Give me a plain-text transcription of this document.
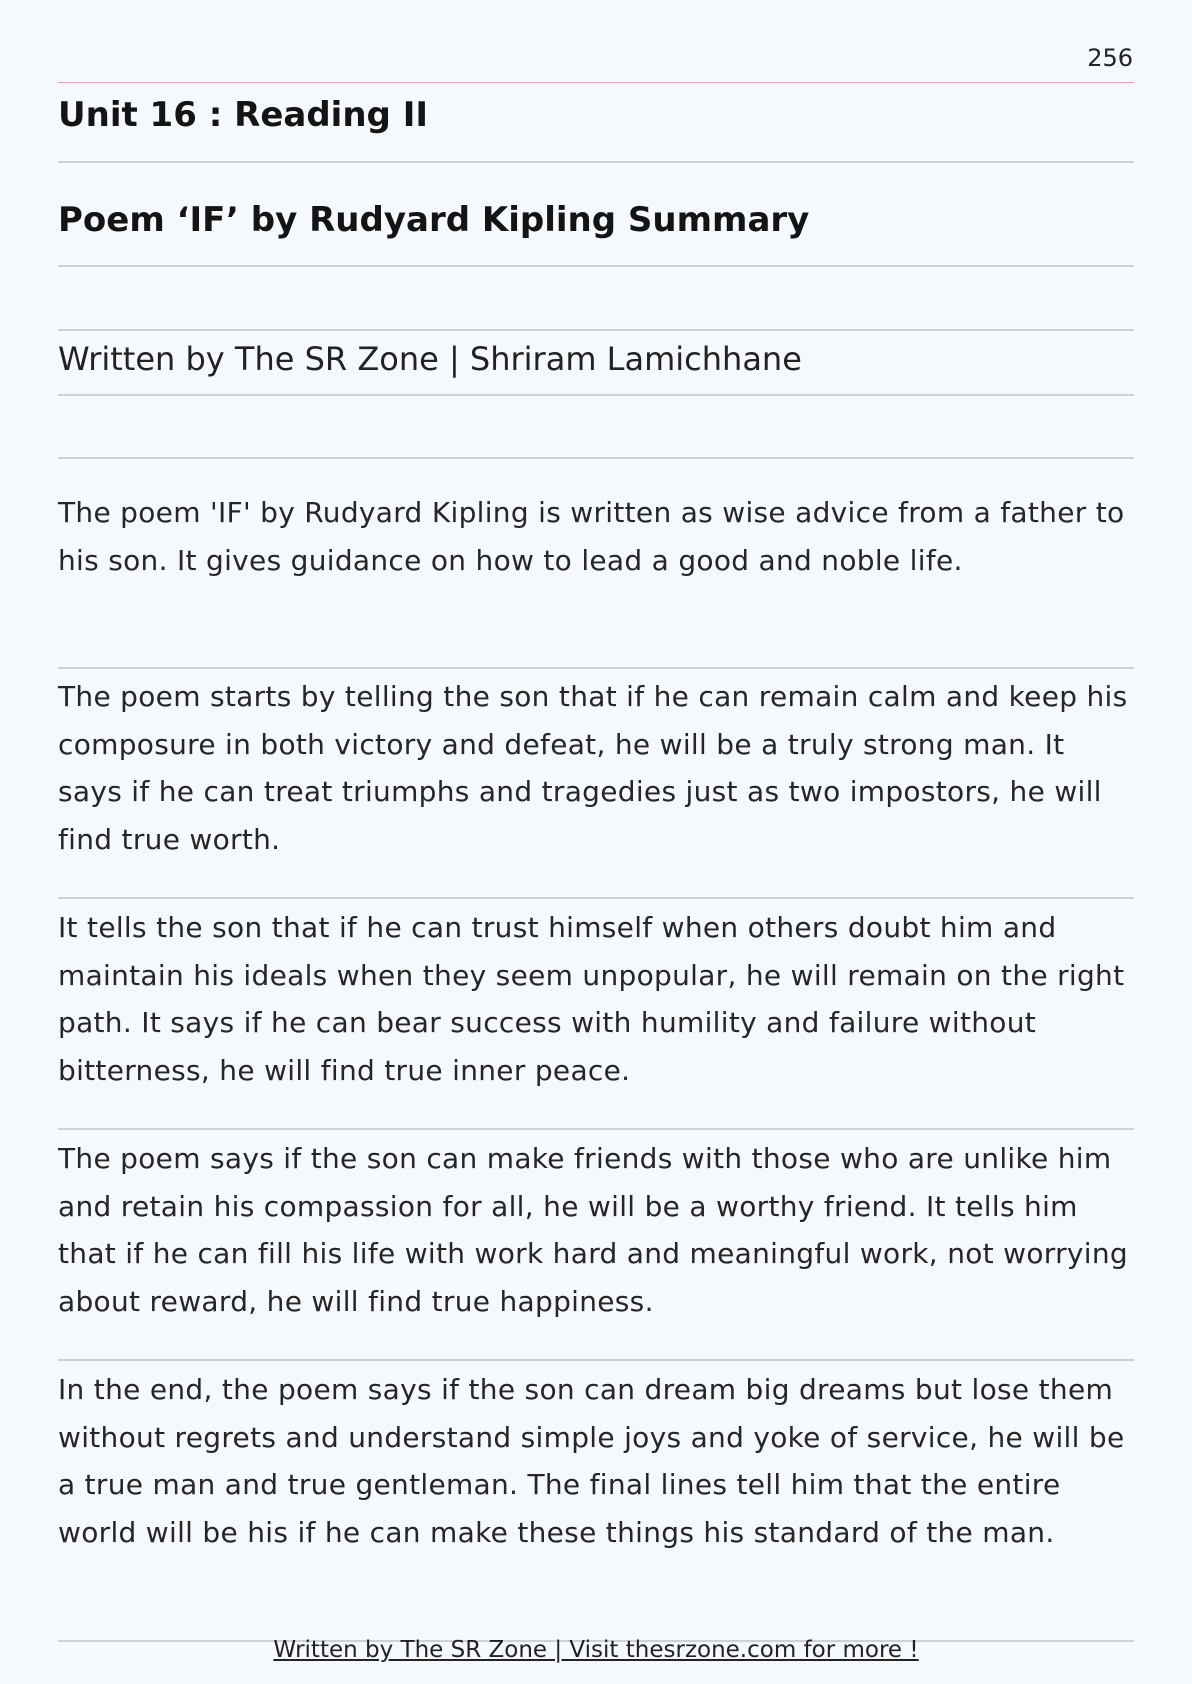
256
Unit 16 : Reading II
Poem ‘IF’ by Rudyard Kipling Summary

Written by The SR Zone | Shriram Lamichhane

The poem 'IF' by Rudyard Kipling is written as wise advice from a father to his son. It gives guidance on how to lead a good and noble life.

The poem starts by telling the son that if he can remain calm and keep his composure in both victory and defeat, he will be a truly strong man. It says if he can treat triumphs and tragedies just as two impostors, he will find true worth.

It tells the son that if he can trust himself when others doubt him and maintain his ideals when they seem unpopular, he will remain on the right path. It says if he can bear success with humility and failure without bitterness, he will find true inner peace.

The poem says if the son can make friends with those who are unlike him and retain his compassion for all, he will be a worthy friend. It tells him that if he can fill his life with work hard and meaningful work, not worrying about reward, he will find true happiness.

In the end, the poem says if the son can dream big dreams but lose them without regrets and understand simple joys and yoke of service, he will be a true man and true gentleman. The final lines tell him that the entire world will be his if he can make these things his standard of the man.

Written by The SR Zone | Visit thesrzone.com for more !
